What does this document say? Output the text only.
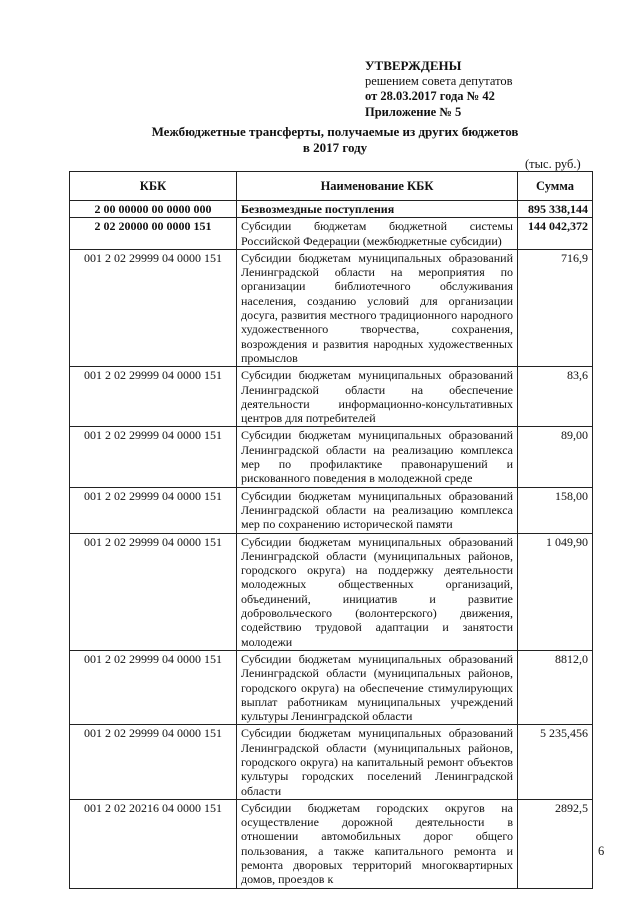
УТВЕРЖДЕНЫ
решением совета депутатов
от 28.03.2017 года № 42
Приложение № 5
Межбюджетные трансферты, получаемые из других бюджетов
в 2017 году
(тыс. руб.)
КБК	Наименование КБК	Сумма
2 00 00000 00 0000 000	Безвозмездные поступления	895 338,144
2 02 20000 00 0000 151	Субсидии бюджетам бюджетной системы Российской Федерации (межбюджетные субсидии)	144 042,372
001 2 02 29999 04 0000 151	Субсидии бюджетам муниципальных образований Ленинградской области на мероприятия по организации библиотечного обслуживания населения, созданию условий для организации досуга, развития местного традиционного народного художественного творчества, сохранения, возрождения и развития народных художественных промыслов	716,9
001 2 02 29999 04 0000 151	Субсидии бюджетам муниципальных образований Ленинградской области на обеспечение деятельности информационно-консультативных центров для потребителей	83,6
001 2 02 29999 04 0000 151	Субсидии бюджетам муниципальных образований Ленинградской области на реализацию комплекса мер по профилактике правонарушений и рискованного поведения в молодежной среде	89,00
001 2 02 29999 04 0000 151	Субсидии бюджетам муниципальных образований Ленинградской области на реализацию комплекса мер по сохранению исторической памяти	158,00
001 2 02 29999 04 0000 151	Субсидии бюджетам муниципальных образований Ленинградской области (муниципальных районов, городского округа) на поддержку деятельности молодежных общественных организаций, объединений, инициатив и развитие добровольческого (волонтерского) движения, содействию трудовой адаптации и занятости молодежи	1 049,90
001 2 02 29999 04 0000 151	Субсидии бюджетам муниципальных образований Ленинградской области (муниципальных районов, городского округа) на обеспечение стимулирующих выплат работникам муниципальных учреждений культуры Ленинградской области	8812,0
001 2 02 29999 04 0000 151	Субсидии бюджетам муниципальных образований Ленинградской области (муниципальных районов, городского округа) на капитальный ремонт объектов культуры городских поселений Ленинградской области	5 235,456
001 2 02 20216 04 0000 151	Субсидии бюджетам городских округов на осуществление дорожной деятельности в отношении автомобильных дорог общего пользования, а также капитального ремонта и ремонта дворовых территорий многоквартирных домов, проездов к	2892,5
6
